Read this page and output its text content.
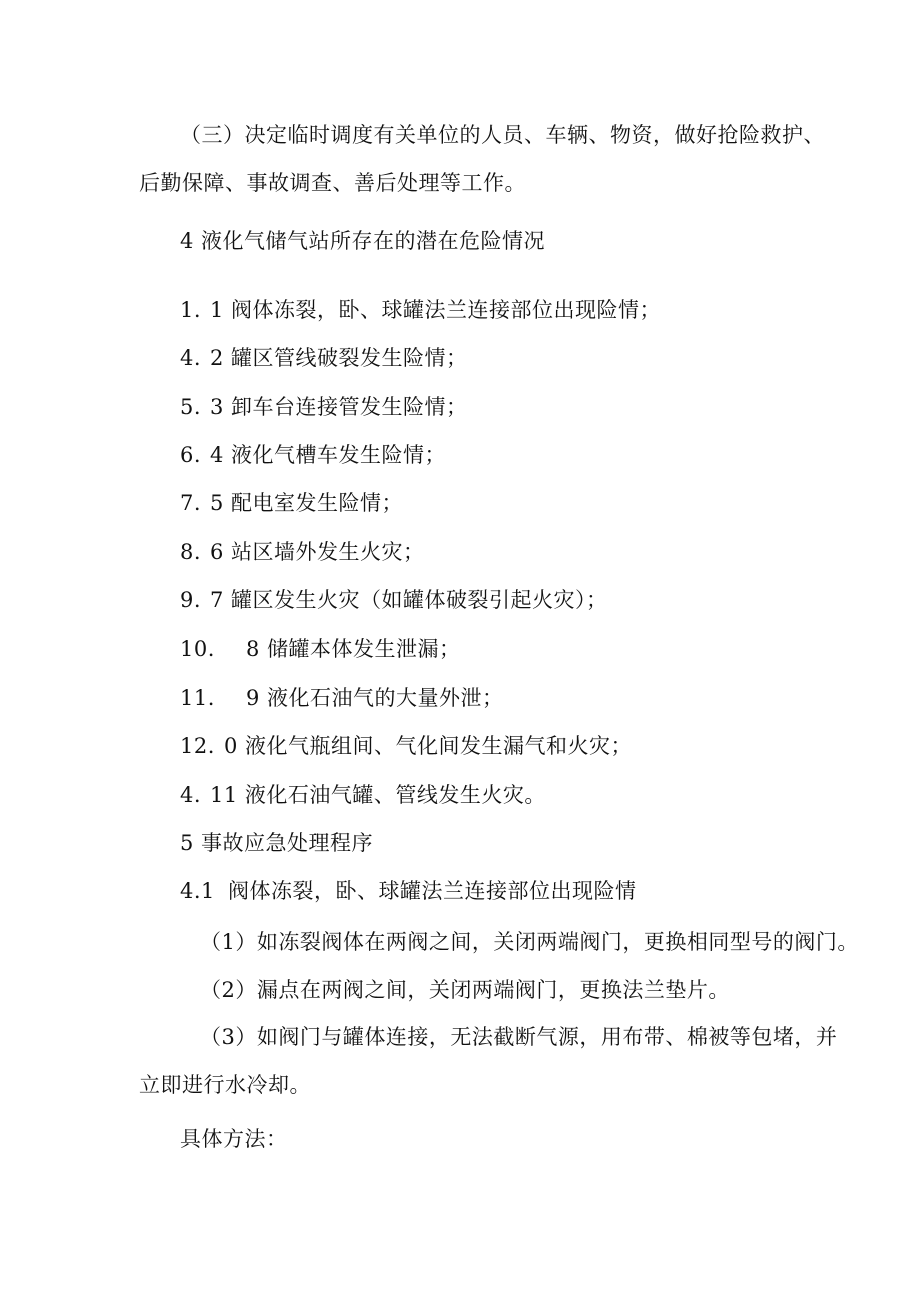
（三）决定临时调度有关单位的人员、车辆、物资，做好抢险救护、
后勤保障、事故调查、善后处理等工作。
4 液化气储气站所存在的潜在危险情况
1. 1 阀体冻裂，卧、球罐法兰连接部位出现险情；
4. 2 罐区管线破裂发生险情；
5. 3 卸车台连接管发生险情；
6. 4 液化气槽车发生险情；
7. 5 配电室发生险情；
8. 6 站区墙外发生火灾；
9. 7 罐区发生火灾（如罐体破裂引起火灾）；
10. 8 储罐本体发生泄漏；
11. 9 液化石油气的大量外泄；
12. 0 液化气瓶组间、气化间发生漏气和火灾；
4. 11 液化石油气罐、管线发生火灾。
5 事故应急处理程序
4.1 阀体冻裂，卧、球罐法兰连接部位出现险情
（1）如冻裂阀体在两阀之间，关闭两端阀门，更换相同型号的阀门。
（2）漏点在两阀之间，关闭两端阀门，更换法兰垫片。
（3）如阀门与罐体连接，无法截断气源，用布带、棉被等包堵，并
立即进行水冷却。
具体方法：
